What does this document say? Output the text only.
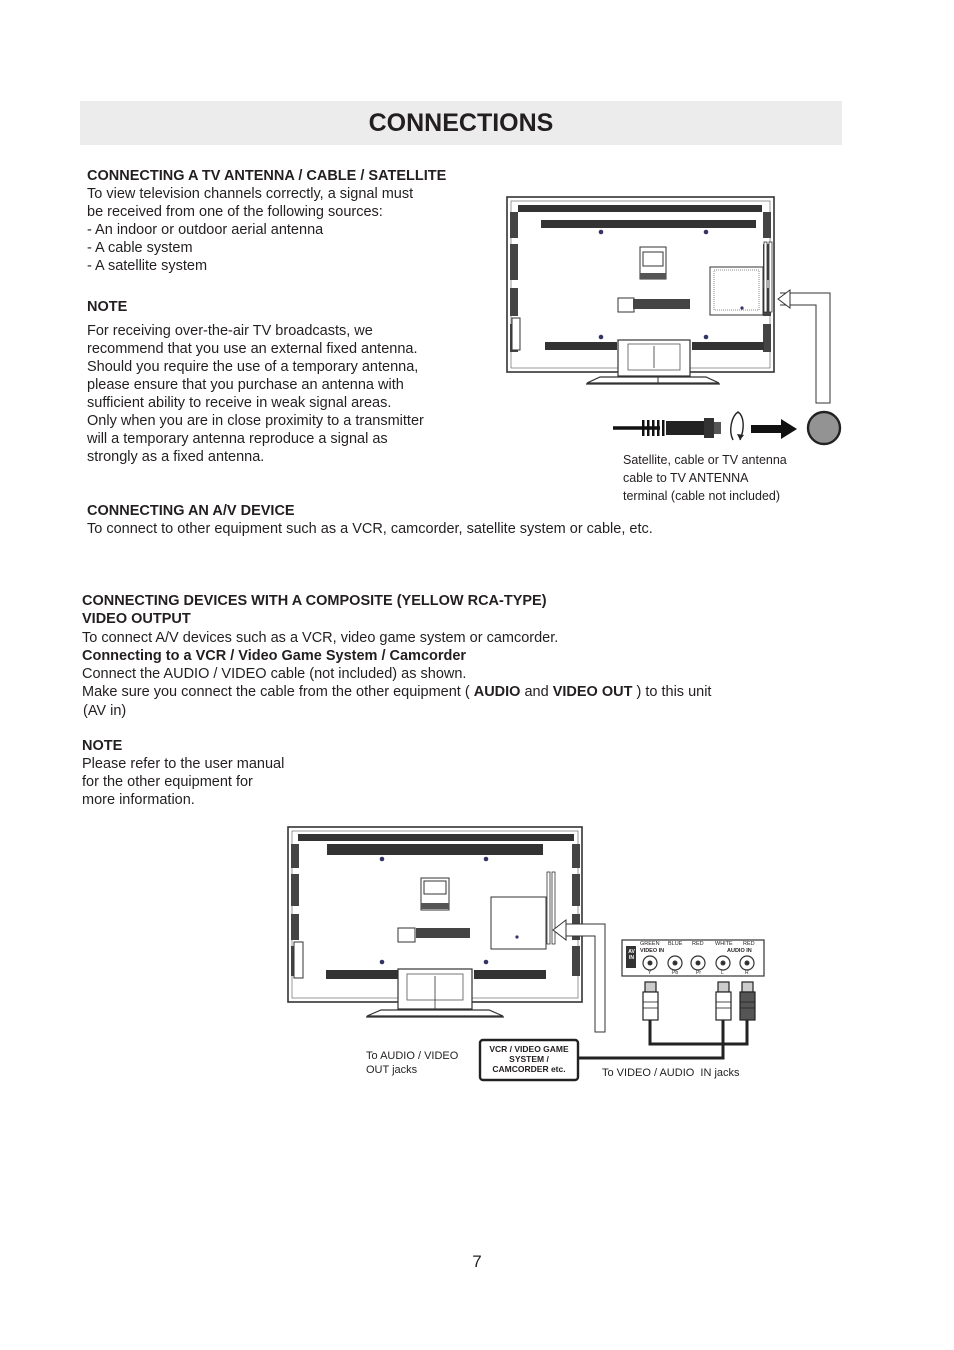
CONNECTIONS
CONNECTING A TV ANTENNA / CABLE / SATELLITE
To view television channels correctly, a signal must
be received from one of the following sources:
- An indoor or outdoor aerial antenna
- A cable system
- A satellite system
NOTE
For receiving over-the-air TV broadcasts, we
recommend that you use an external fixed antenna.
Should you require the use of a temporary antenna,
please ensure that you purchase an antenna with
sufficient ability to receive in weak signal areas.
Only when you are in close proximity to a transmitter
will a temporary antenna reproduce a signal as
strongly as a fixed antenna.	Satellite, cable or TV antenna
cable to TV ANTENNA
terminal (cable not included)
CONNECTING AN A/V DEVICE
To connect to other equipment such as a VCR, camcorder, satellite system or cable, etc.
CONNECTING DEVICES WITH A COMPOSITE (YELLOW RCA-TYPE)
VIDEO OUTPUT
To connect A/V devices such as a VCR, video game system or camcorder.
Connecting to a VCR / Video Game System / Camcorder
Connect the AUDIO / VIDEO cable (not included) as shown.
Make sure you connect the cable from the other equipment ( AUDIO and VIDEO OUT ) to this unit
(AV in)
NOTE
Please refer to the user manual
for the other equipment for
more information.
AV IN
VIDEO IN	AUDIO IN
GREEN BLUE RED WHITE RED
Y	Pb	Pr	L	R
To AUDIO / VIDEO
OUT jacks
VCR / VIDEO GAME
SYSTEM /
CAMCORDER etc.	To VIDEO / AUDIO  IN jacks
7
